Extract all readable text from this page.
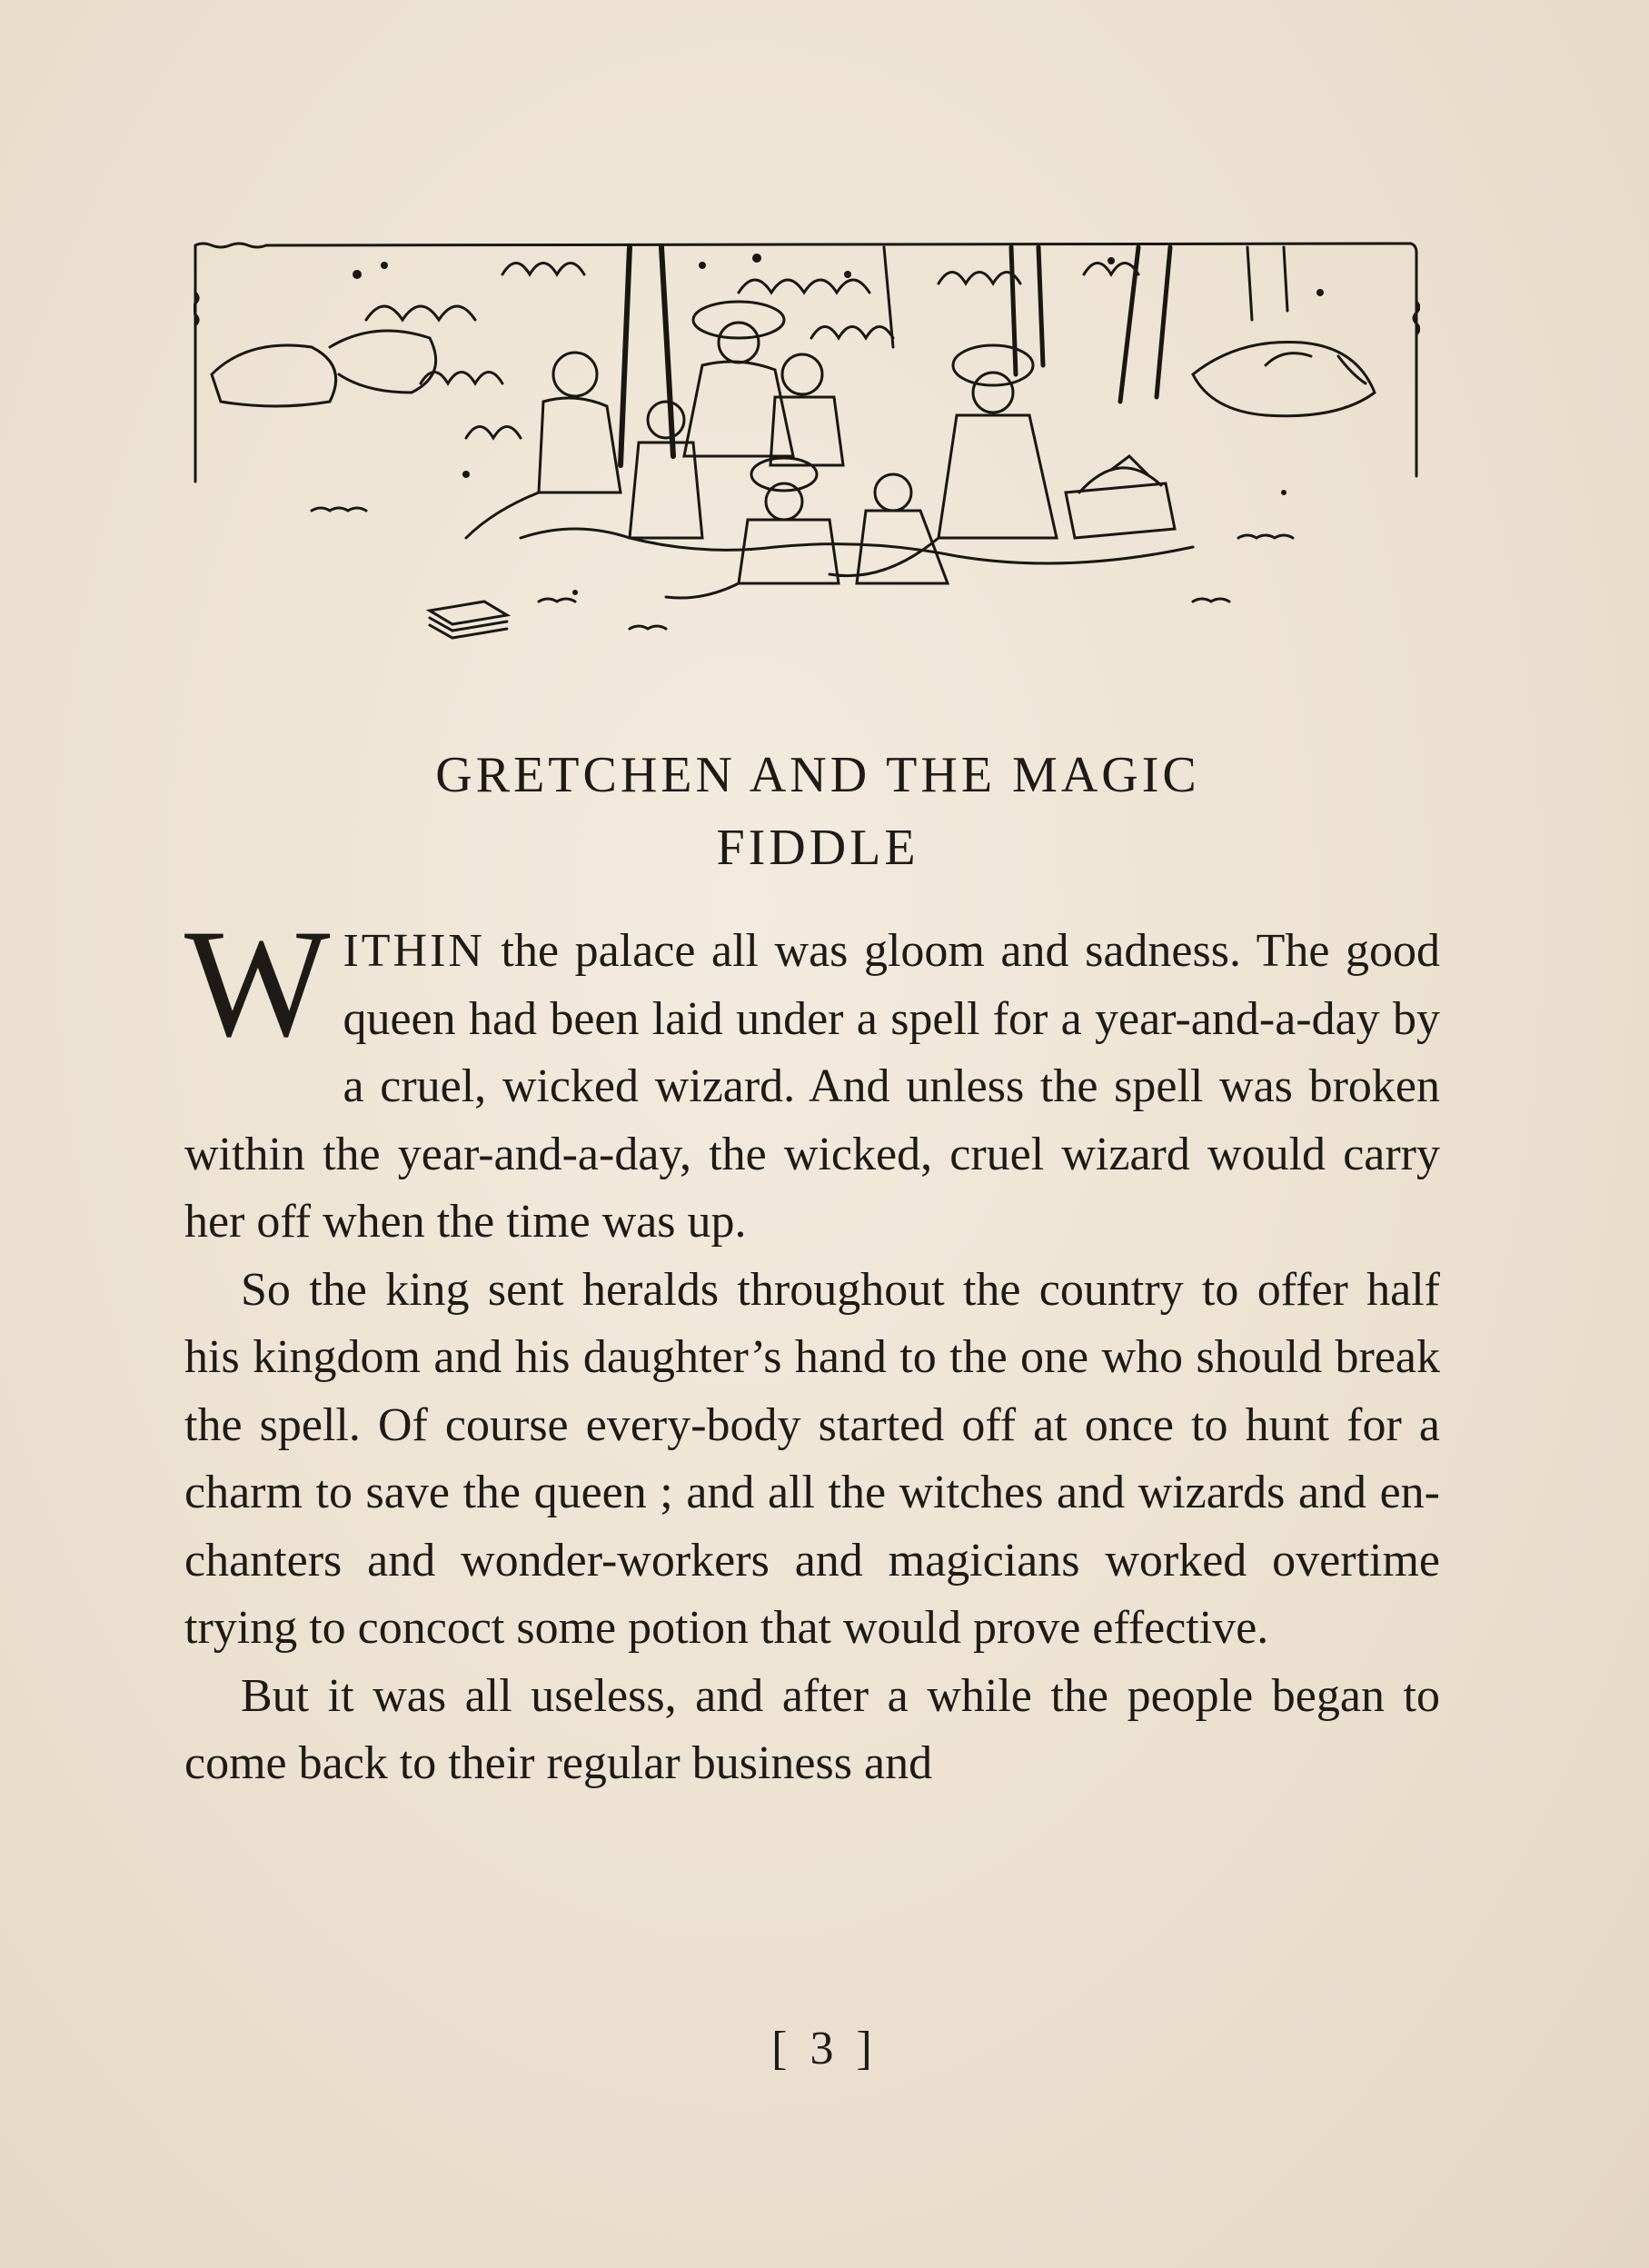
GRETCHEN AND THE MAGIC
FIDDLE

WITHIN the palace all was gloom and sadness. The good queen had been laid under a spell for a year-and-a-day by a cruel, wicked wizard. And unless the spell was broken within the year-and-a-day, the wicked, cruel wizard would carry her off when the time was up.

So the king sent heralds throughout the country to offer half his kingdom and his daughter’s hand to the one who should break the spell. Of course every-body started off at once to hunt for a charm to save the queen ; and all the witches and wizards and en-chanters and wonder-workers and magicians worked overtime trying to concoct some potion that would prove effective.

But it was all useless, and after a while the people began to come back to their regular business and

[ 3 ]
